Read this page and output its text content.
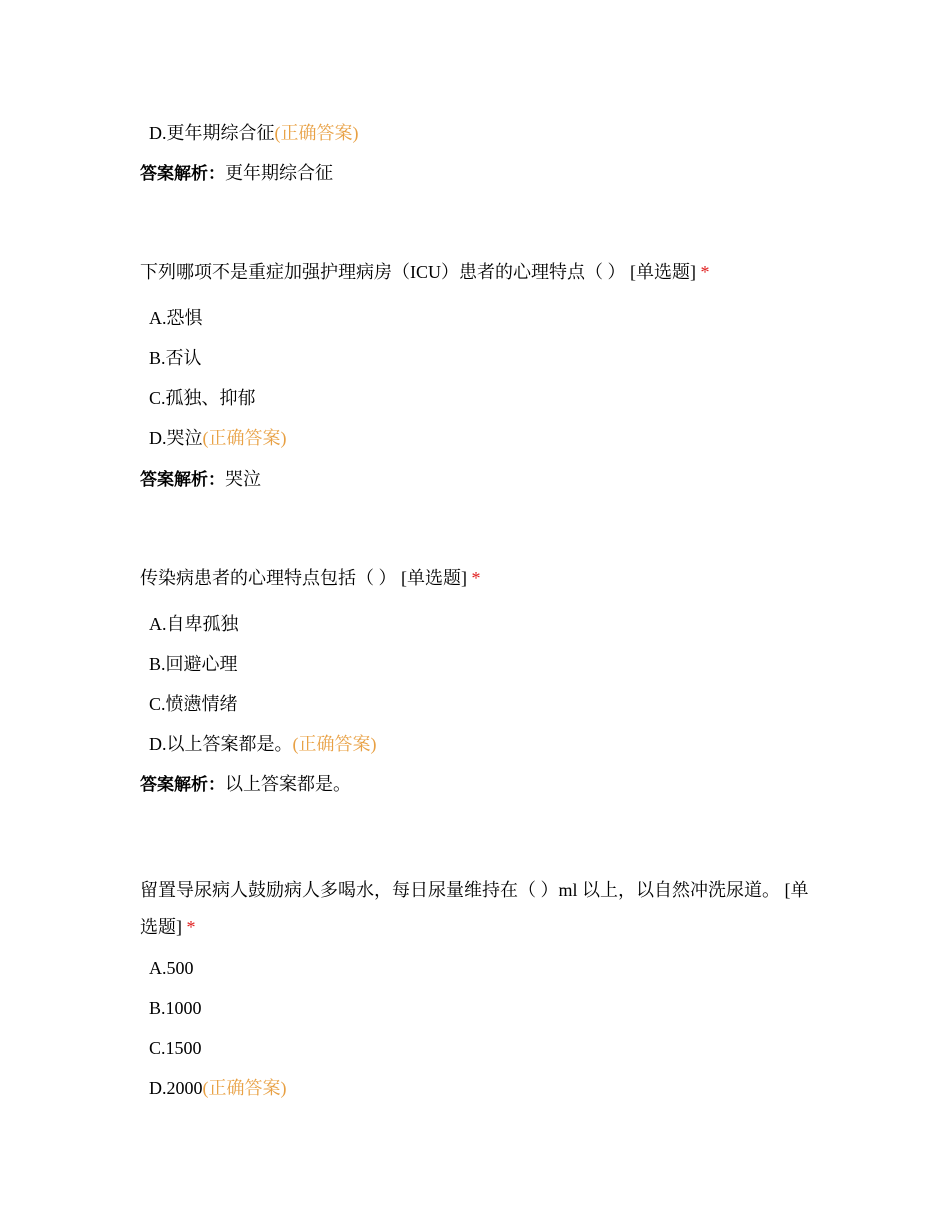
D.更年期综合征(正确答案)
答案解析：更年期综合征
下列哪项不是重症加强护理病房（ICU）患者的心理特点（ ） [单选题] *
A.恐惧
B.否认
C.孤独、抑郁
D.哭泣(正确答案)
答案解析：哭泣
传染病患者的心理特点包括（ ） [单选题] *
A.自卑孤独
B.回避心理
C.愤懑情绪
D.以上答案都是。(正确答案)
答案解析：以上答案都是。
留置导尿病人鼓励病人多喝水，每日尿量维持在（ ）ml 以上，以自然冲洗尿道。 [单选题] *
A.500
B.1000
C.1500
D.2000(正确答案)
